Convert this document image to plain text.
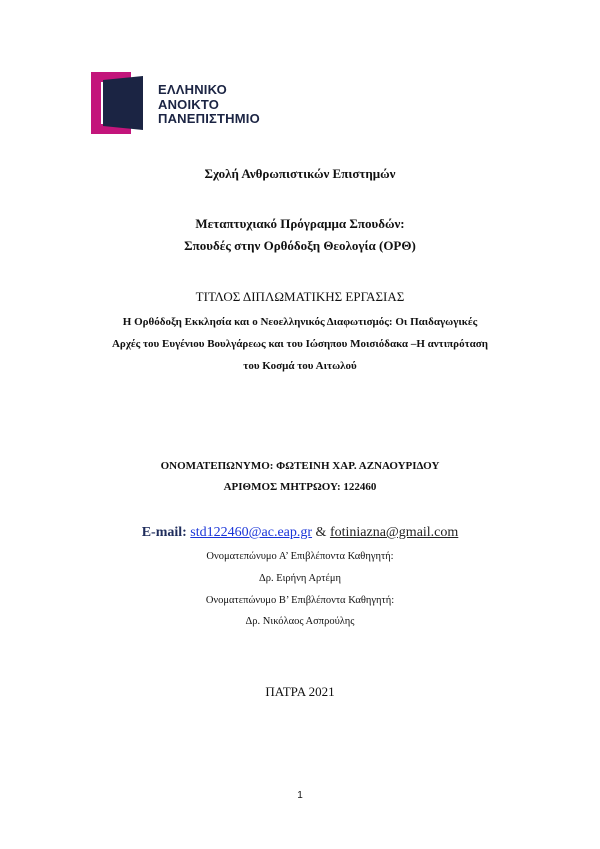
ΕΛΛΗΝΙΚΟ
ΑΝΟΙΚΤΟ
ΠΑΝΕΠΙΣΤΗΜΙΟ
Σχολή Ανθρωπιστικών Επιστημών
Μεταπτυχιακό Πρόγραμμα Σπουδών:
Σπουδές στην Ορθόδοξη Θεολογία (ΟΡΘ)
ΤΙΤΛΟΣ ΔΙΠΛΩΜΑΤΙΚΗΣ ΕΡΓΑΣΙΑΣ
Η Ορθόδοξη Εκκλησία και ο Νεοελληνικός Διαφωτισμός: Οι Παιδαγωγικές
Αρχές του Ευγένιου Βουλγάρεως και του Ιώσηπου Μοισιόδακα –Η αντιπρόταση
του Κοσμά του Αιτωλού
ΟΝΟΜΑΤΕΠΩΝΥΜΟ: ΦΩΤΕΙΝΗ ΧΑΡ. ΑΖΝΑΟΥΡΙΔΟΥ
ΑΡΙΘΜΟΣ ΜΗΤΡΩΟΥ: 122460
E-mail: std122460@ac.eap.gr & fotiniazna@gmail.com
Ονοματεπώνυμο Α’ Επιβλέποντα Καθηγητή:
Δρ. Ειρήνη Αρτέμη
Ονοματεπώνυμο Β’ Επιβλέποντα Καθηγητή:
Δρ. Νικόλαος Ασπρούλης
ΠΑΤΡΑ 2021
1
